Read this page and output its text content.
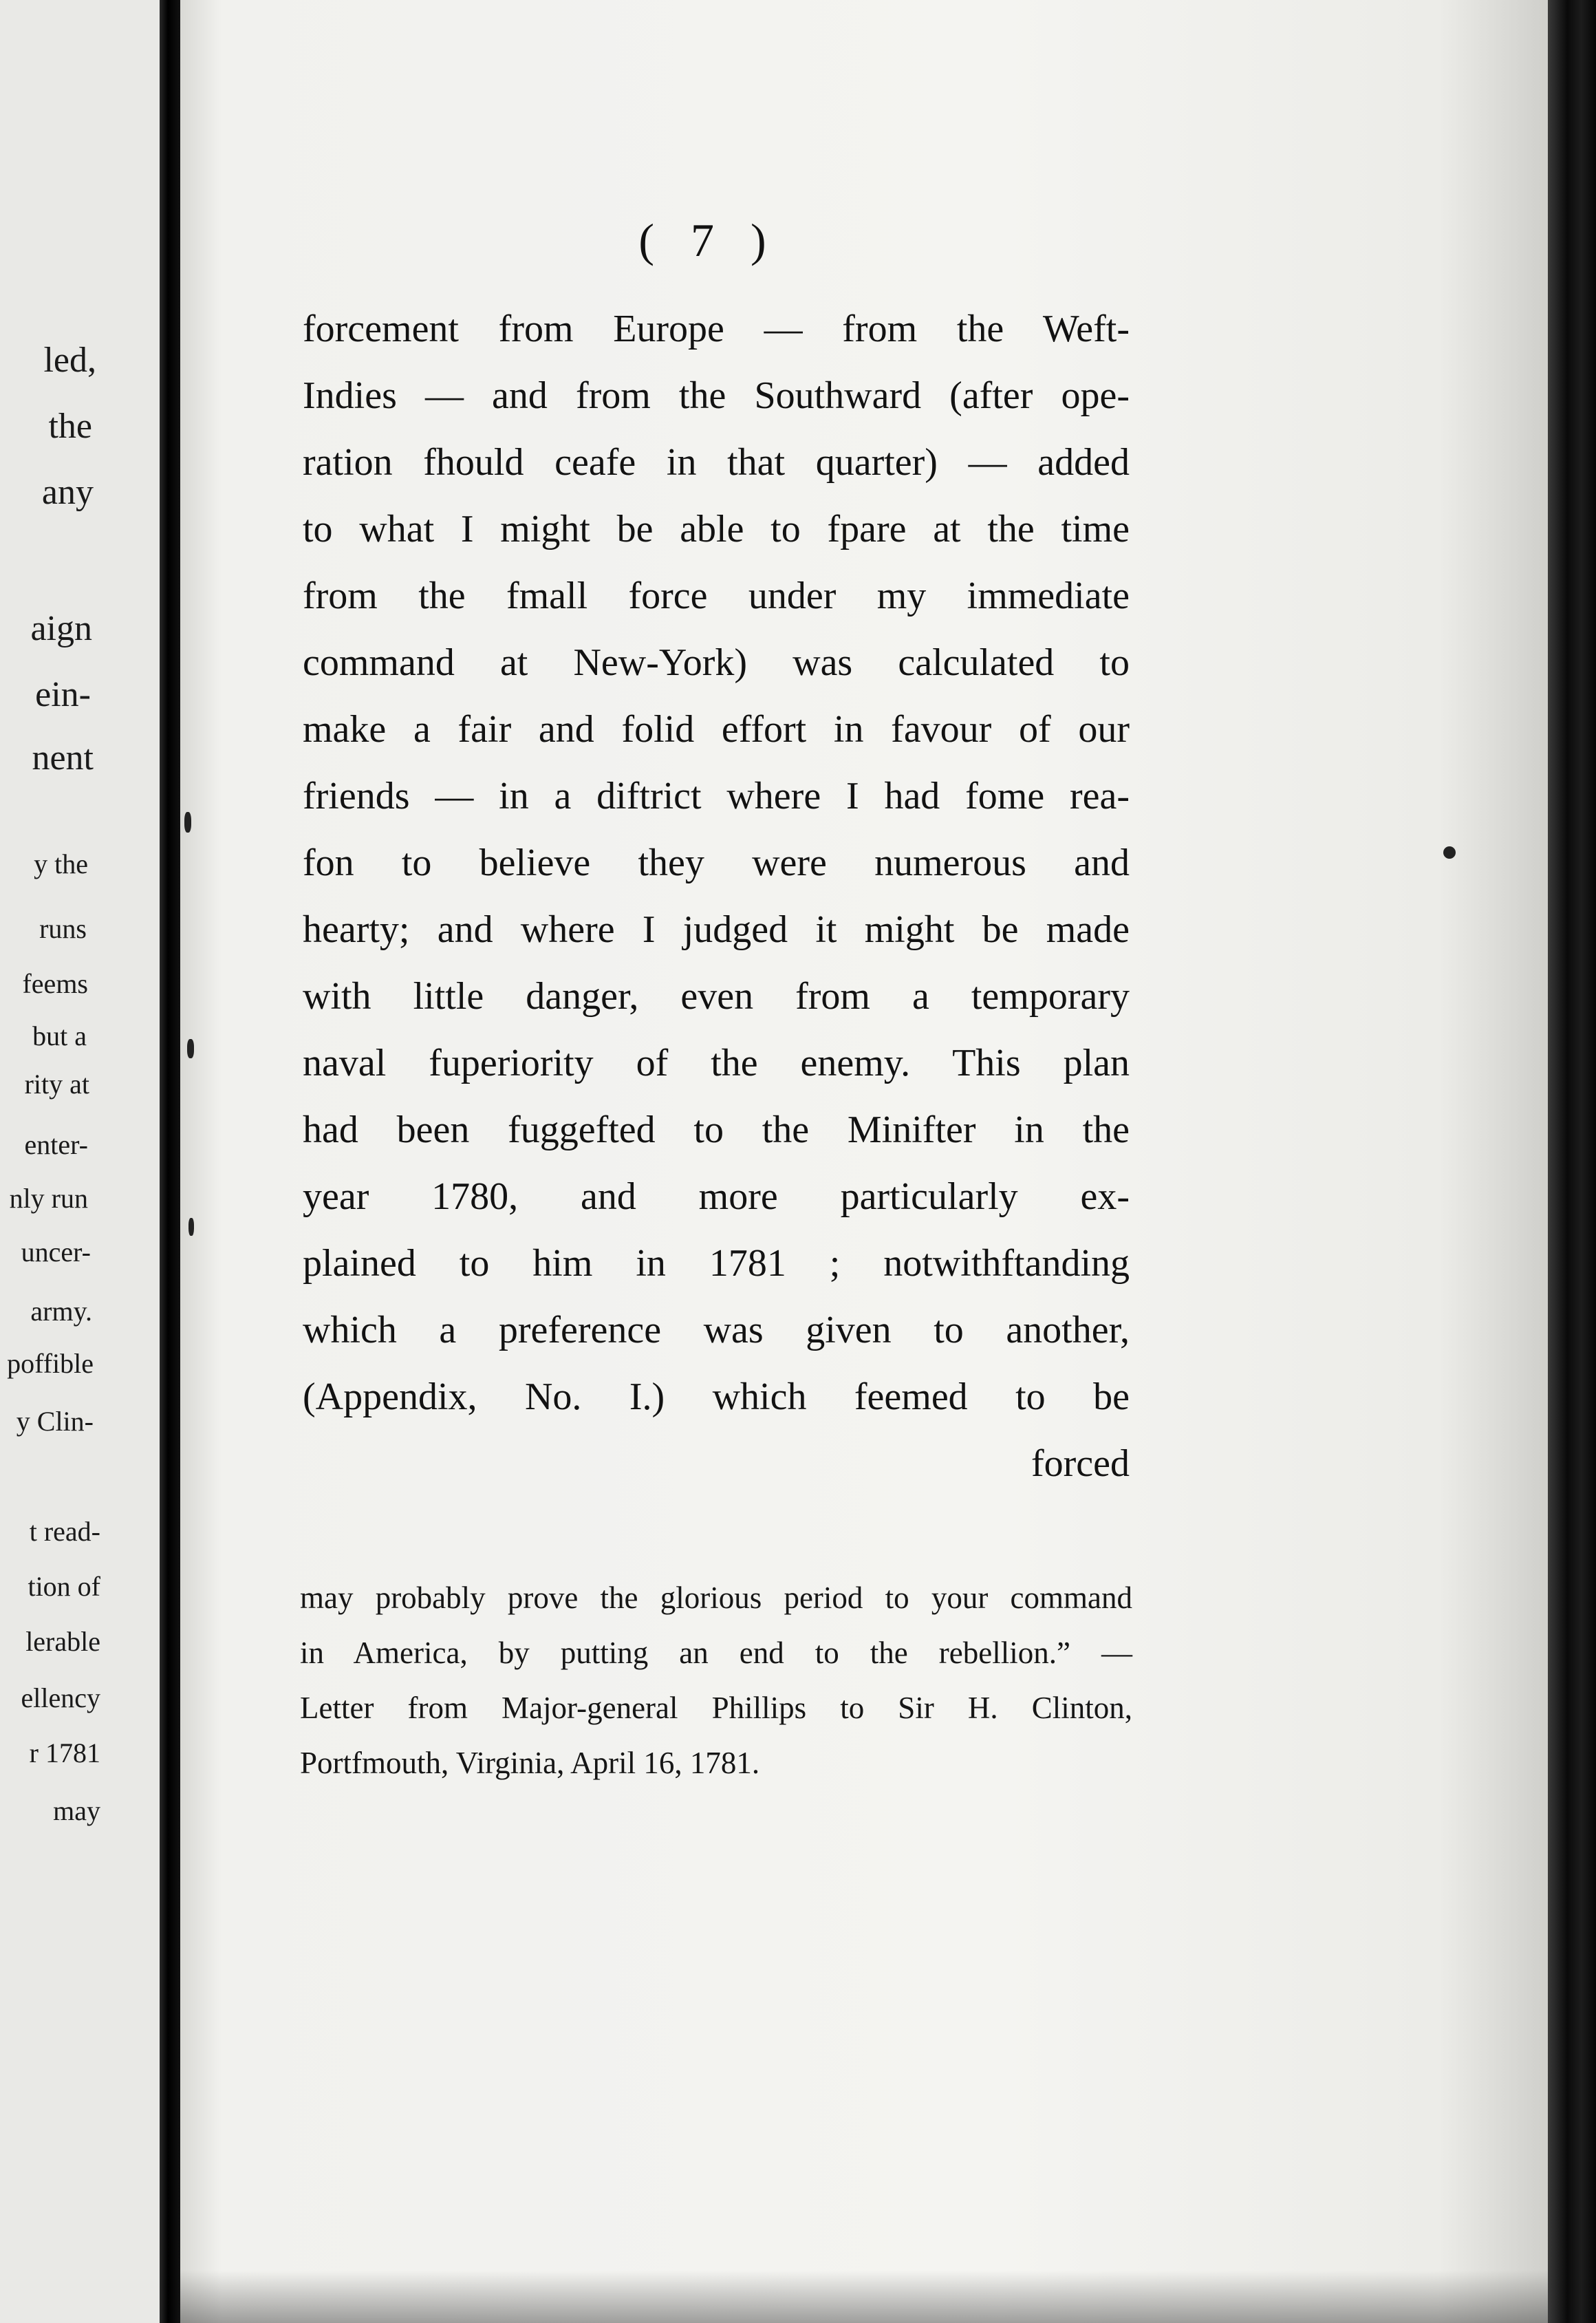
led,
the
any
aign
ein-
nent
y the
runs
feems
but a
rity at
enter-
nly run
uncer-
army.
poffible
y Clin-
t read-
tion of
lerable
ellency
r 1781
may
( 7 )
forcement from Europe — from the Weft-
Indies — and from the Southward (after ope-
ration fhould ceafe in that quarter) — added
to what I might be able to fpare at the time
from the fmall force under my immediate
command at New-York) was calculated to
make a fair and folid effort in favour of our
friends — in a diftrict where I had fome rea-
fon to believe they were numerous and
hearty; and where I judged it might be made
with little danger, even from a temporary
naval fuperiority of the enemy. This plan
had been fuggefted to the Minifter in the
year 1780, and more particularly ex-
plained to him in 1781 ; notwithftanding
which a preference was given to another,
(Appendix, No. I.) which feemed to be
forced
may probably prove the glorious period to your command
in America, by putting an end to the rebellion.” —
Letter from Major-general Phillips to Sir H. Clinton,
Portfmouth, Virginia, April 16, 1781.
